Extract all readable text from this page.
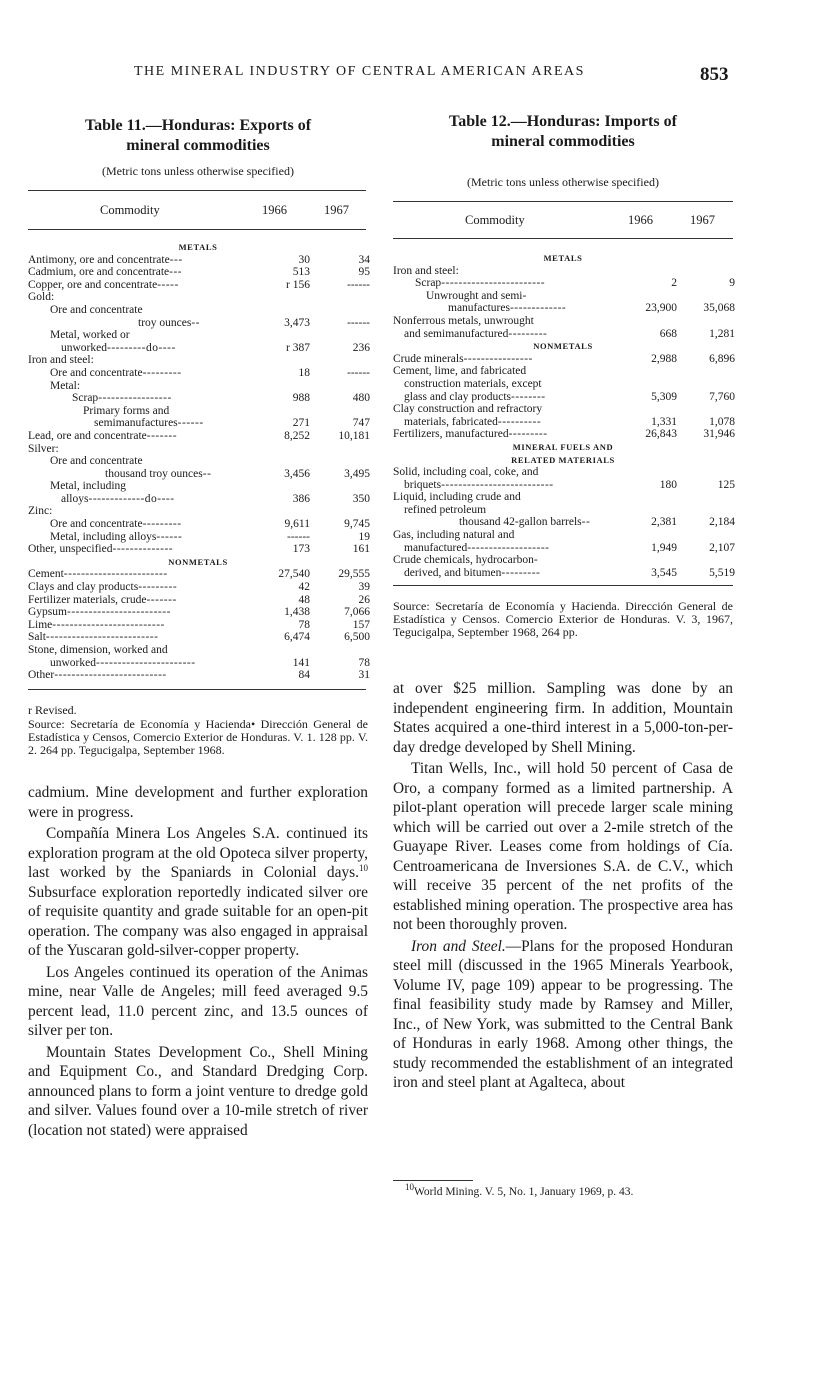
THE MINERAL INDUSTRY OF CENTRAL AMERICAN AREAS	853
Table 11.—Honduras: Exports of
mineral commodities
(Metric tons unless otherwise specified)
Commodity	1966	1967
METALS
Antimony, ore and concentrate---	30	34
Cadmium, ore and concentrate---	513	95
Copper, ore and concentrate-----	r 156	------
Gold:
Ore and concentrate
troy ounces--	3,473	------
Metal, worked or
unworked---------do----	r 387	236
Iron and steel:
Ore and concentrate---------	18	------
Metal:
Scrap-----------------	988	480
Primary forms and
semimanufactures------	271	747
Lead, ore and concentrate-------	8,252 10,181
Silver:
Ore and concentrate
thousand troy ounces--	3,456	3,495
Metal, including
alloys-------------do----	386	350
Zinc:
Ore and concentrate---------	9,611	9,745
Metal, including alloys------	------	19
Other, unspecified--------------	173	161
NONMETALS
Cement------------------------	27,540 29,555
Clays and clay products---------	42	39
Fertilizer materials, crude-------	48	26
Gypsum------------------------	1,438	7,066
Lime--------------------------	78	157
Salt--------------------------	6,474	6,500
Stone, dimension, worked and
unworked-----------------------	141	78
Other--------------------------	84	31
r Revised.
Source: Secretaría de Economía y Hacienda• Dirección General de Estadística y Censos, Comercio Exterior de Honduras. V. 1. 128 pp. V. 2. 264 pp. Tegucigalpa, September 1968.
Table 12.—Honduras: Imports of
mineral commodities
(Metric tons unless otherwise specified)
Commodity	1966	1967
METALS
Iron and steel:
Scrap------------------------	2	9
Unwrought and semi-
manufactures-------------	23,900 35,068
Nonferrous metals, unwrought
and semimanufactured---------	668	1,281
NONMETALS
Crude minerals----------------	2,988	6,896
Cement, lime, and fabricated
construction materials, except
glass and clay products--------	5,309	7,760
Clay construction and refractory
materials, fabricated----------	1,331	1,078
Fertilizers, manufactured---------	26,843 31,946
MINERAL FUELS AND
RELATED MATERIALS
Solid, including coal, coke, and
briquets--------------------------	180	125
Liquid, including crude and
refined petroleum
thousand 42-gallon barrels--	2,381	2,184
Gas, including natural and
manufactured-------------------	1,949	2,107
Crude chemicals, hydrocarbon-
derived, and bitumen---------	3,545	5,519
Source: Secretaría de Economía y Hacienda. Dirección General de Estadística y Censos. Comercio Exterior de Honduras. V. 3, 1967, Tegucigalpa, September 1968, 264 pp.

cadmium. Mine development and further exploration were in progress.

Compañía Minera Los Angeles S.A. continued its exploration program at the old Opoteca silver property, last worked by the Spaniards in Colonial days.$^{10}$ Subsurface exploration reportedly indicated silver ore of requisite quantity and grade suitable for an open-pit operation. The company was also engaged in appraisal of the Yuscaran gold-silver-copper property.

Los Angeles continued its operation of the Animas mine, near Valle de Angeles; mill feed averaged 9.5 percent lead, 11.0 percent zinc, and 13.5 ounces of silver per ton.

Mountain States Development Co., Shell Mining and Equipment Co., and Standard Dredging Corp. announced plans to form a joint venture to dredge gold and silver. Values found over a 10-mile stretch of river (location not stated) were appraised

at over $25 million. Sampling was done by an independent engineering firm. In addition, Mountain States acquired a one-third interest in a 5,000-ton-per-day dredge developed by Shell Mining.

Titan Wells, Inc., will hold 50 percent of Casa de Oro, a company formed as a limited partnership. A pilot-plant operation will precede larger scale mining which will be carried out over a 2-mile stretch of the Guayape River. Leases come from holdings of Cía. Centroamericana de Inversiones S.A. de C.V., which will receive 35 percent of the net profits of the established mining operation. The prospective area has not been thoroughly proven.

Iron and Steel.—Plans for the proposed Honduran steel mill (discussed in the 1965 Minerals Yearbook, Volume IV, page 109) appear to be progressing. The final feasibility study made by Ramsey and Miller, Inc., of New York, was submitted to the Central Bank of Honduras in early 1968. Among other things, the study recommended the establishment of an integrated iron and steel plant at Agalteca, about

$^{10}$World Mining. V. 5, No. 1, January 1969, p. 43.
